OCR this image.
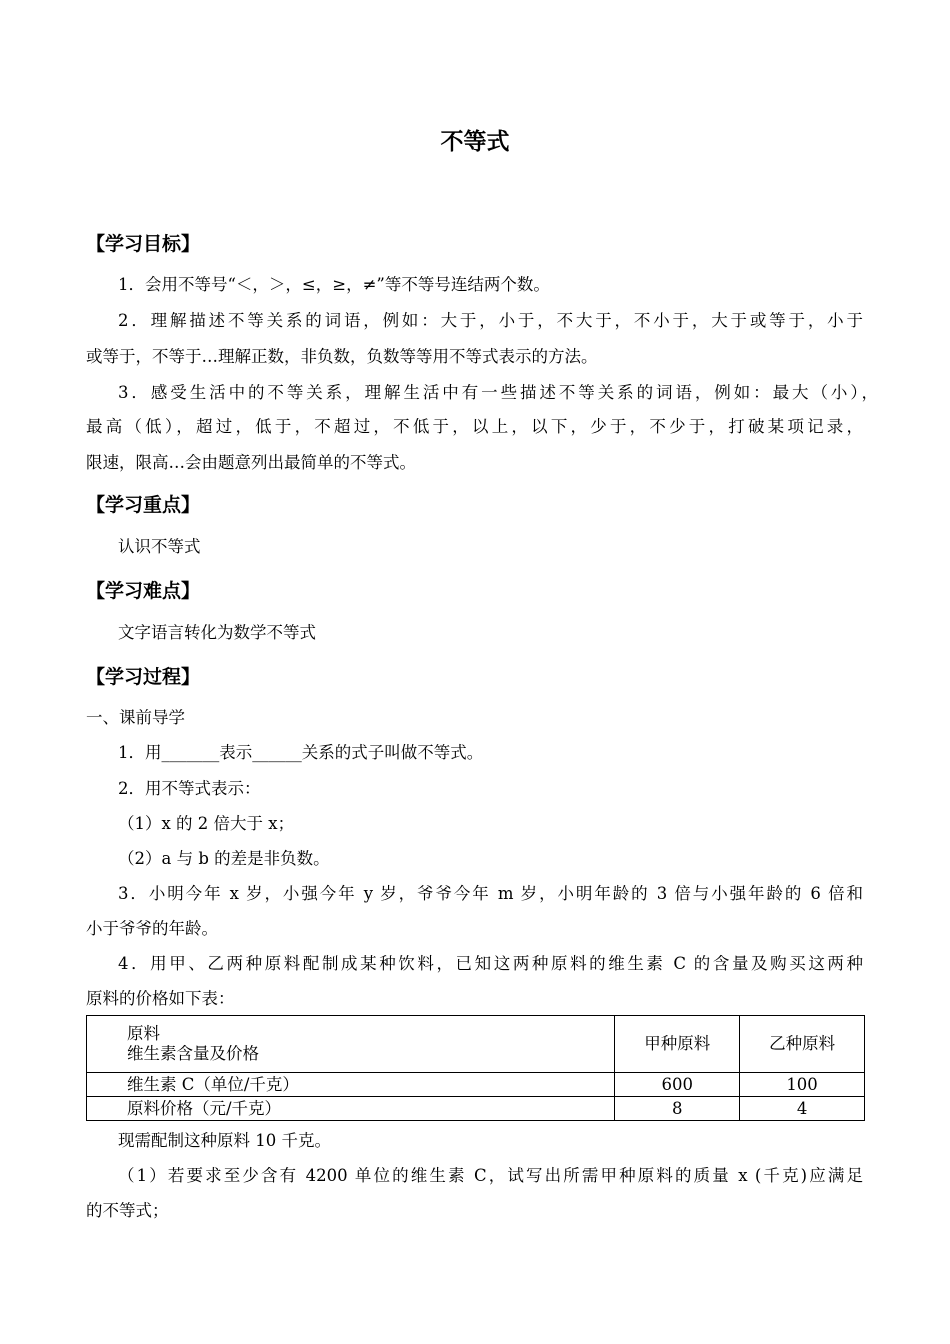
不等式
【学习目标】
1．会用不等号“＜，＞，≤，≥，≠”等不等号连结两个数。
2．理解描述不等关系的词语，例如：大于，小于，不大于，不小于，大于或等于，小于
或等于，不等于…理解正数，非负数，负数等等用不等式表示的方法。
3．感受生活中的不等关系，理解生活中有一些描述不等关系的词语，例如：最大（小），
最高（低），超过，低于，不超过，不低于，以上，以下，少于，不少于，打破某项记录，
限速，限高…会由题意列出最简单的不等式。
【学习重点】
认识不等式
【学习难点】
文字语言转化为数学不等式
【学习过程】
一、课前导学
1．用_______表示______关系的式子叫做不等式。
2．用不等式表示：
（1）x 的 2 倍大于 x；
（2）a 与 b 的差是非负数。
3．小明今年 x 岁，小强今年 y 岁，爷爷今年 m 岁，小明年龄的 3 倍与小强年龄的 6 倍和
小于爷爷的年龄。
4．用甲、乙两种原料配制成某种饮料，已知这两种原料的维生素 C 的含量及购买这两种
原料的价格如下表：
原料
维生素含量及价格	甲种原料	乙种原料
维生素 C（单位/千克）	600	100
原料价格（元/千克）	8	4
现需配制这种原料 10 千克。
（1）若要求至少含有 4200 单位的维生素 C，试写出所需甲种原料的质量 x (千克)应满足
的不等式；
